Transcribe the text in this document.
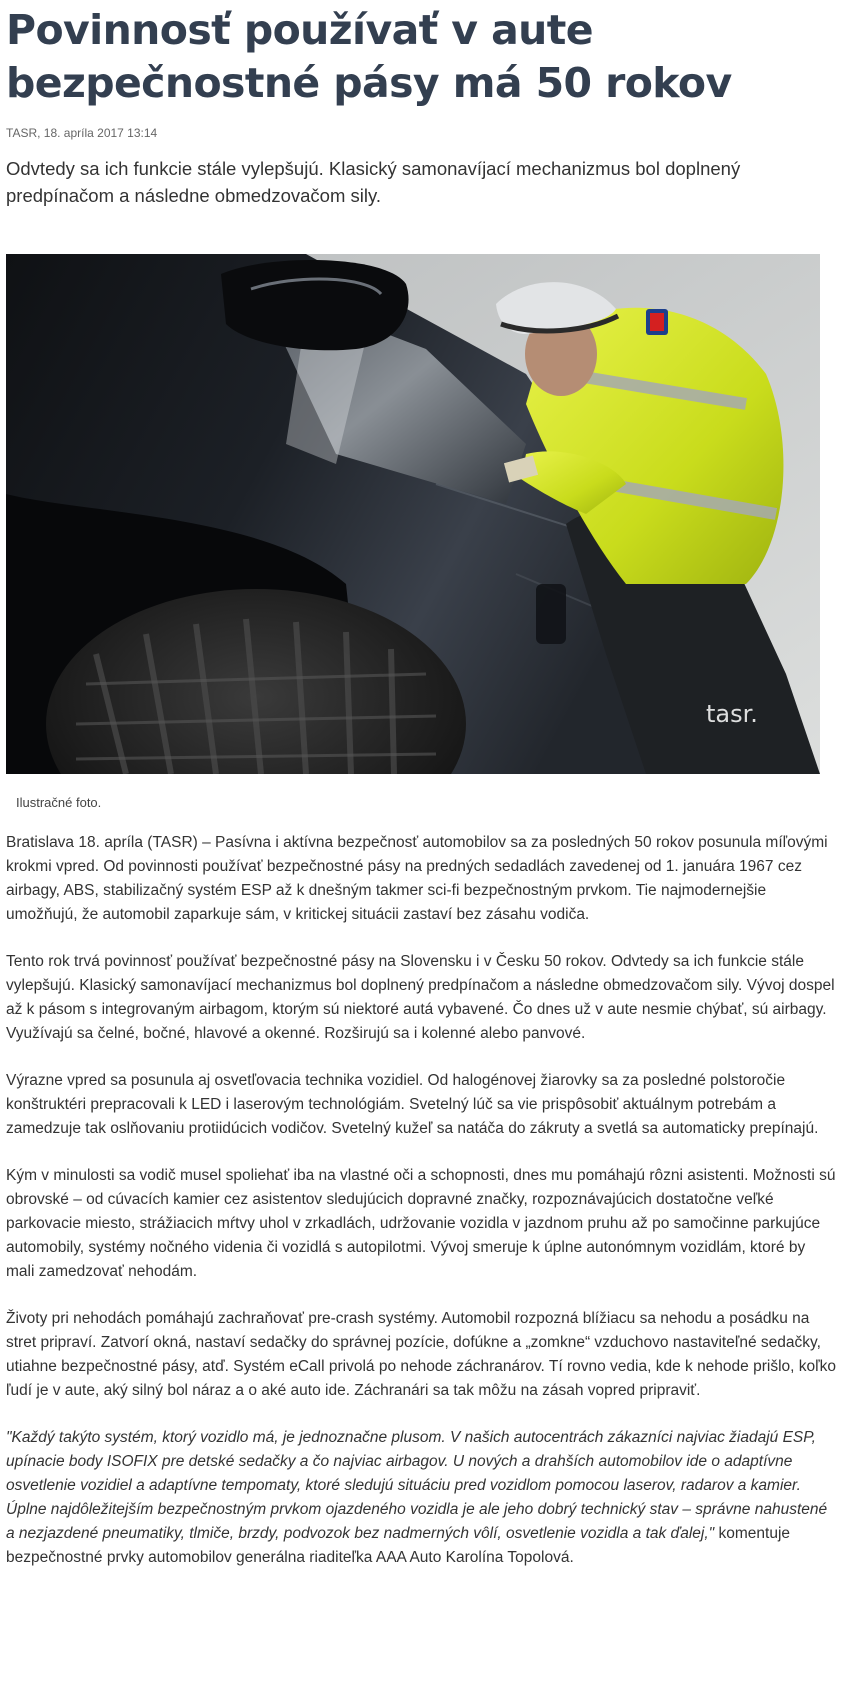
Povinnosť používať v aute bezpečnostné pásy má 50 rokov
TASR, 18. apríla 2017 13:14
Odvtedy sa ich funkcie stále vylepšujú. Klasický samonavíjací mechanizmus bol doplnený predpínačom a následne obmedzovačom sily.
tasr.
Ilustračné foto.

Bratislava 18. apríla (TASR) – Pasívna i aktívna bezpečnosť automobilov sa za posledných 50 rokov posunula míľovými krokmi vpred. Od povinnosti používať bezpečnostné pásy na predných sedadlách zavedenej od 1. januára 1967 cez airbagy, ABS, stabilizačný systém ESP až k dnešným takmer sci-fi bezpečnostným prvkom. Tie najmodernejšie umožňujú, že automobil zaparkuje sám, v kritickej situácii zastaví bez zásahu vodiča.

Tento rok trvá povinnosť používať bezpečnostné pásy na Slovensku i v Česku 50 rokov. Odvtedy sa ich funkcie stále vylepšujú. Klasický samonavíjací mechanizmus bol doplnený predpínačom a následne obmedzovačom sily. Vývoj dospel až k pásom s integrovaným airbagom, ktorým sú niektoré autá vybavené. Čo dnes už v aute nesmie chýbať, sú airbagy. Využívajú sa čelné, bočné, hlavové a okenné. Rozširujú sa i kolenné alebo panvové.

Výrazne vpred sa posunula aj osvetľovacia technika vozidiel. Od halogénovej žiarovky sa za posledné polstoročie konštruktéri prepracovali k LED i laserovým technológiám. Svetelný lúč sa vie prispôsobiť aktuálnym potrebám a zamedzuje tak oslňovaniu protiidúcich vodičov. Svetelný kužeľ sa natáča do zákruty a svetlá sa automaticky prepínajú.

Kým v minulosti sa vodič musel spoliehať iba na vlastné oči a schopnosti, dnes mu pomáhajú rôzni asistenti. Možnosti sú obrovské – od cúvacích kamier cez asistentov sledujúcich dopravné značky, rozpoznávajúcich dostatočne veľké parkovacie miesto, strážiacich mŕtvy uhol v zrkadlách, udržovanie vozidla v jazdnom pruhu až po samočinne parkujúce automobily, systémy nočného videnia či vozidlá s autopilotmi. Vývoj smeruje k úplne autonómnym vozidlám, ktoré by mali zamedzovať nehodám.

Životy pri nehodách pomáhajú zachraňovať pre-crash systémy. Automobil rozpozná blížiacu sa nehodu a posádku na stret pripraví. Zatvorí okná, nastaví sedačky do správnej pozície, dofúkne a „zomkne“ vzduchovo nastaviteľné sedačky, utiahne bezpečnostné pásy, atď. Systém eCall privolá po nehode záchranárov. Tí rovno vedia, kde k nehode prišlo, koľko ľudí je v aute, aký silný bol náraz a o aké auto ide. Záchranári sa tak môžu na zásah vopred pripraviť.

"Každý takýto systém, ktorý vozidlo má, je jednoznačne plusom. V našich autocentrách zákazníci najviac žiadajú ESP, upínacie body ISOFIX pre detské sedačky a čo najviac airbagov. U nových a drahších automobilov ide o adaptívne osvetlenie vozidiel a adaptívne tempomaty, ktoré sledujú situáciu pred vozidlom pomocou laserov, radarov a kamier. Úplne najdôležitejším bezpečnostným prvkom ojazdeného vozidla je ale jeho dobrý technický stav – správne nahustené a nezjazdené pneumatiky, tlmiče, brzdy, podvozok bez nadmerných vôlí, osvetlenie vozidla a tak ďalej," komentuje bezpečnostné prvky automobilov generálna riaditeľka AAA Auto Karolína Topolová.
